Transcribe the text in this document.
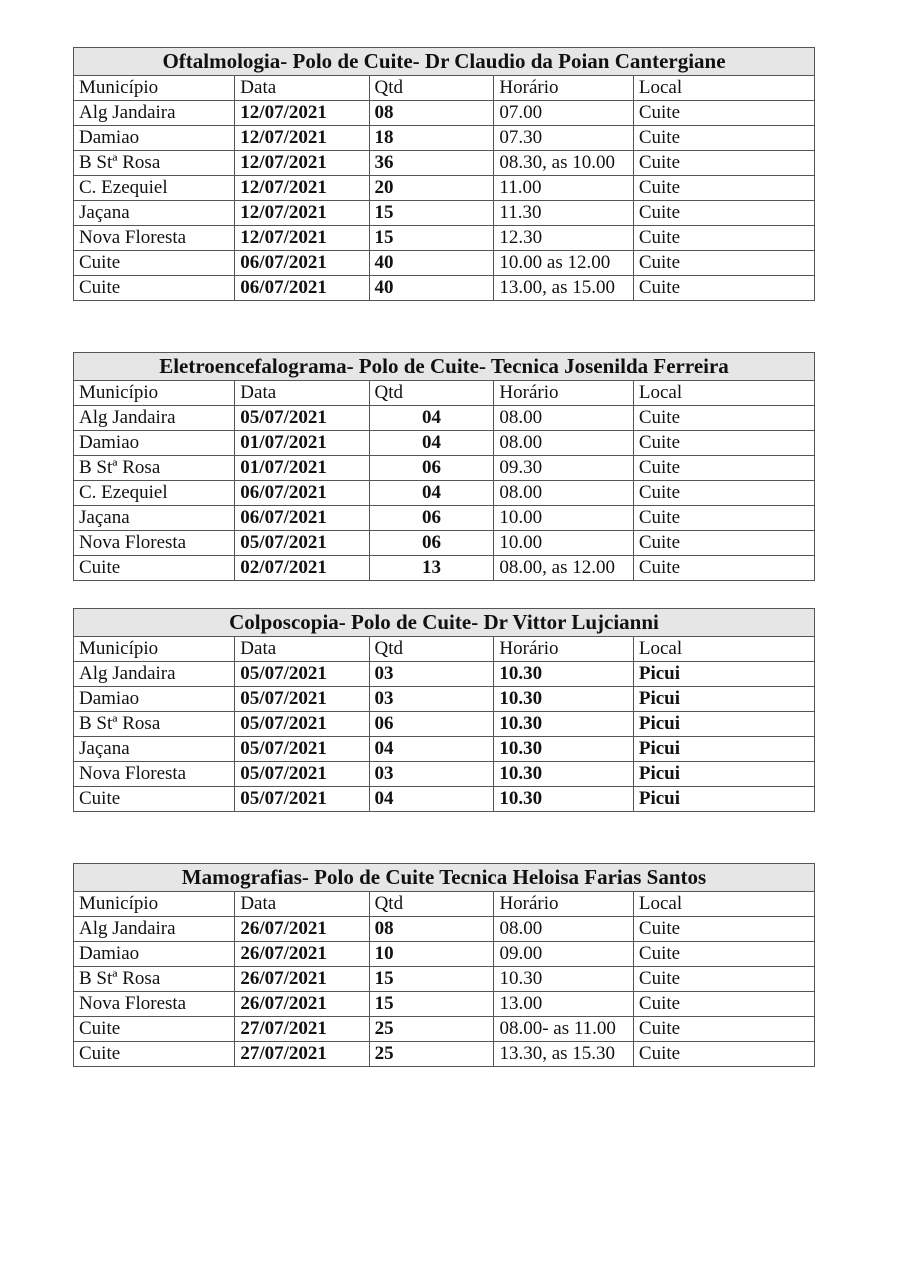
Oftalmologia- Polo de Cuite- Dr Claudio da Poian Cantergiane				
Município	Data	Qtd	Horário	Local
Alg Jandaira	12/07/2021	08	07.00	Cuite
Damiao	12/07/2021	18	07.30	Cuite
B Stª Rosa	12/07/2021	36	08.30, as 10.00	Cuite
C. Ezequiel	12/07/2021	20	11.00	Cuite
Jaçana	12/07/2021	15	11.30	Cuite
Nova Floresta	12/07/2021	15	12.30	Cuite
Cuite	06/07/2021	40	10.00 as 12.00	Cuite
Cuite	06/07/2021	40	13.00, as 15.00	Cuite
Eletroencefalograma- Polo de Cuite- Tecnica Josenilda Ferreira				
Município	Data	Qtd	Horário	Local
Alg Jandaira	05/07/2021	04	08.00	Cuite
Damiao	01/07/2021	04	08.00	Cuite
B Stª Rosa	01/07/2021	06	09.30	Cuite
C. Ezequiel	06/07/2021	04	08.00	Cuite
Jaçana	06/07/2021	06	10.00	Cuite
Nova Floresta	05/07/2021	06	10.00	Cuite
Cuite	02/07/2021	13	08.00, as 12.00	Cuite
Colposcopia- Polo de Cuite- Dr Vittor Lujcianni				
Município	Data	Qtd	Horário	Local
Alg Jandaira	05/07/2021	03	10.30	Picui
Damiao	05/07/2021	03	10.30	Picui
B Stª Rosa	05/07/2021	06	10.30	Picui
Jaçana	05/07/2021	04	10.30	Picui
Nova Floresta	05/07/2021	03	10.30	Picui
Cuite	05/07/2021	04	10.30	Picui
Mamografias- Polo de Cuite Tecnica Heloisa Farias Santos				
Município	Data	Qtd	Horário	Local
Alg Jandaira	26/07/2021	08	08.00	Cuite
Damiao	26/07/2021	10	09.00	Cuite
B Stª Rosa	26/07/2021	15	10.30	Cuite
Nova Floresta	26/07/2021	15	13.00	Cuite
Cuite	27/07/2021	25	08.00- as 11.00	Cuite
Cuite	27/07/2021	25	13.30, as 15.30	Cuite
